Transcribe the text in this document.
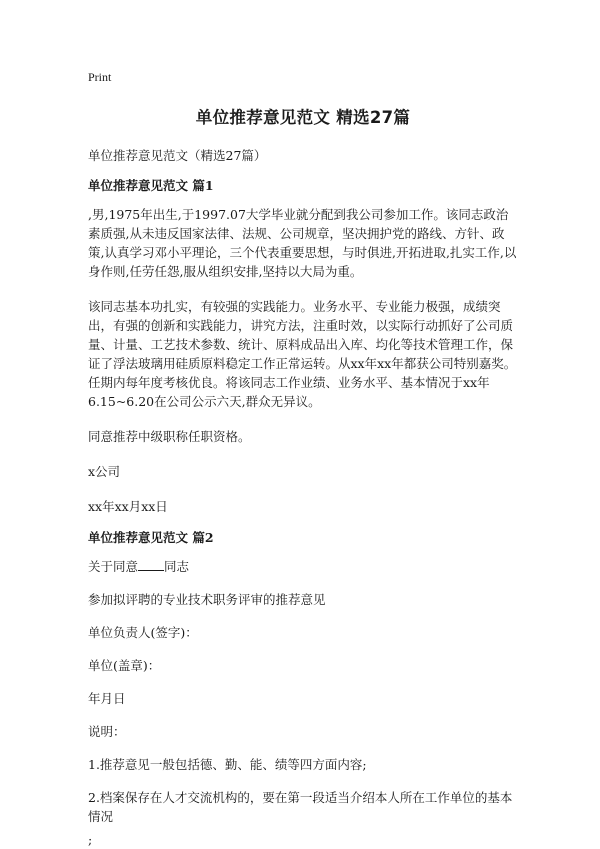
Print
单位推荐意见范文 精选27篇

单位推荐意见范文（精选27篇）

单位推荐意见范文 篇1

,男,1975年出生,于1997.07大学毕业就分配到我公司参加工作。该同志政治素质强,从未违反国家法律、法规、公司规章，坚决拥护党的路线、方针、政策,认真学习邓小平理论，三个代表重要思想，与时俱进,开拓进取,扎实工作,以身作则,任劳任怨,服从组织安排,坚持以大局为重。

该同志基本功扎实，有较强的实践能力。业务水平、专业能力极强，成绩突出，有强的创新和实践能力，讲究方法，注重时效，以实际行动抓好了公司质量、计量、工艺技术参数、统计、原料成品出入库、均化等技术管理工作，保证了浮法玻璃用硅质原料稳定工作正常运转。从xx年xx年都获公司特别嘉奖。任期内每年度考核优良。将该同志工作业绩、业务水平、基本情况于xx年6.15~6.20在公司公示六天,群众无异议。

同意推荐中级职称任职资格。

x公司

xx年xx月xx日

单位推荐意见范文 篇2

关于同意 同志

参加拟评聘的专业技术职务评审的推荐意见

单位负责人(签字)：

单位(盖章)：

年月日

说明：

1.推荐意见一般包括德、勤、能、绩等四方面内容;

2.档案保存在人才交流机构的，要在第一段适当介绍本人所在工作单位的基本情况

;
